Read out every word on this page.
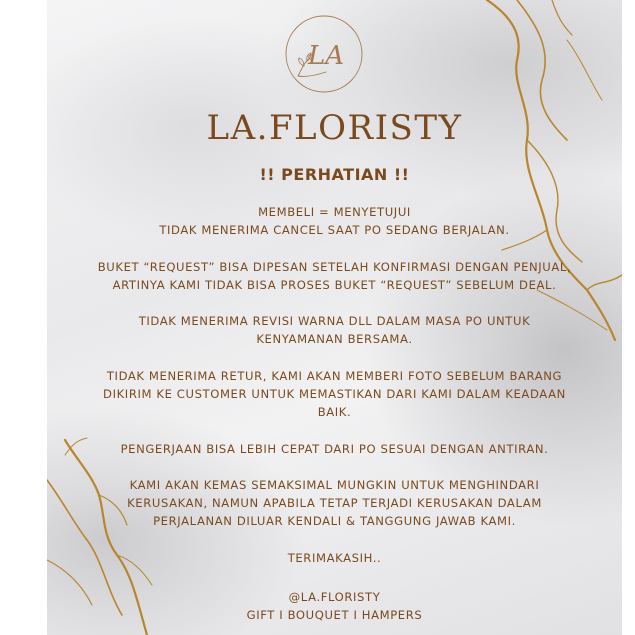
LA
LA.FLORISTY
!! PERHATIAN !!

MEMBELI = MENYETUJUI

TIDAK MENERIMA CANCEL SAAT PO SEDANG BERJALAN.

BUKET “REQUEST” BISA DIPESAN SETELAH KONFIRMASI DENGAN PENJUAL,

ARTINYA KAMI TIDAK BISA PROSES BUKET “REQUEST” SEBELUM DEAL.

TIDAK MENERIMA REVISI WARNA DLL DALAM MASA PO UNTUK

KENYAMANAN BERSAMA.

TIDAK MENERIMA RETUR, KAMI AKAN MEMBERI FOTO SEBELUM BARANG

DIKIRIM KE CUSTOMER UNTUK MEMASTIKAN DARI KAMI DALAM KEADAAN

BAIK.

PENGERJAAN BISA LEBIH CEPAT DARI PO SESUAI DENGAN ANTIRAN.

KAMI AKAN KEMAS SEMAKSIMAL MUNGKIN UNTUK MENGHINDARI

KERUSAKAN, NAMUN APABILA TETAP TERJADI KERUSAKAN DALAM

PERJALANAN DILUAR KENDALI & TANGGUNG JAWAB KAMI.

TERIMAKASIH..

@LA.FLORISTY
GIFT I BOUQUET I HAMPERS
